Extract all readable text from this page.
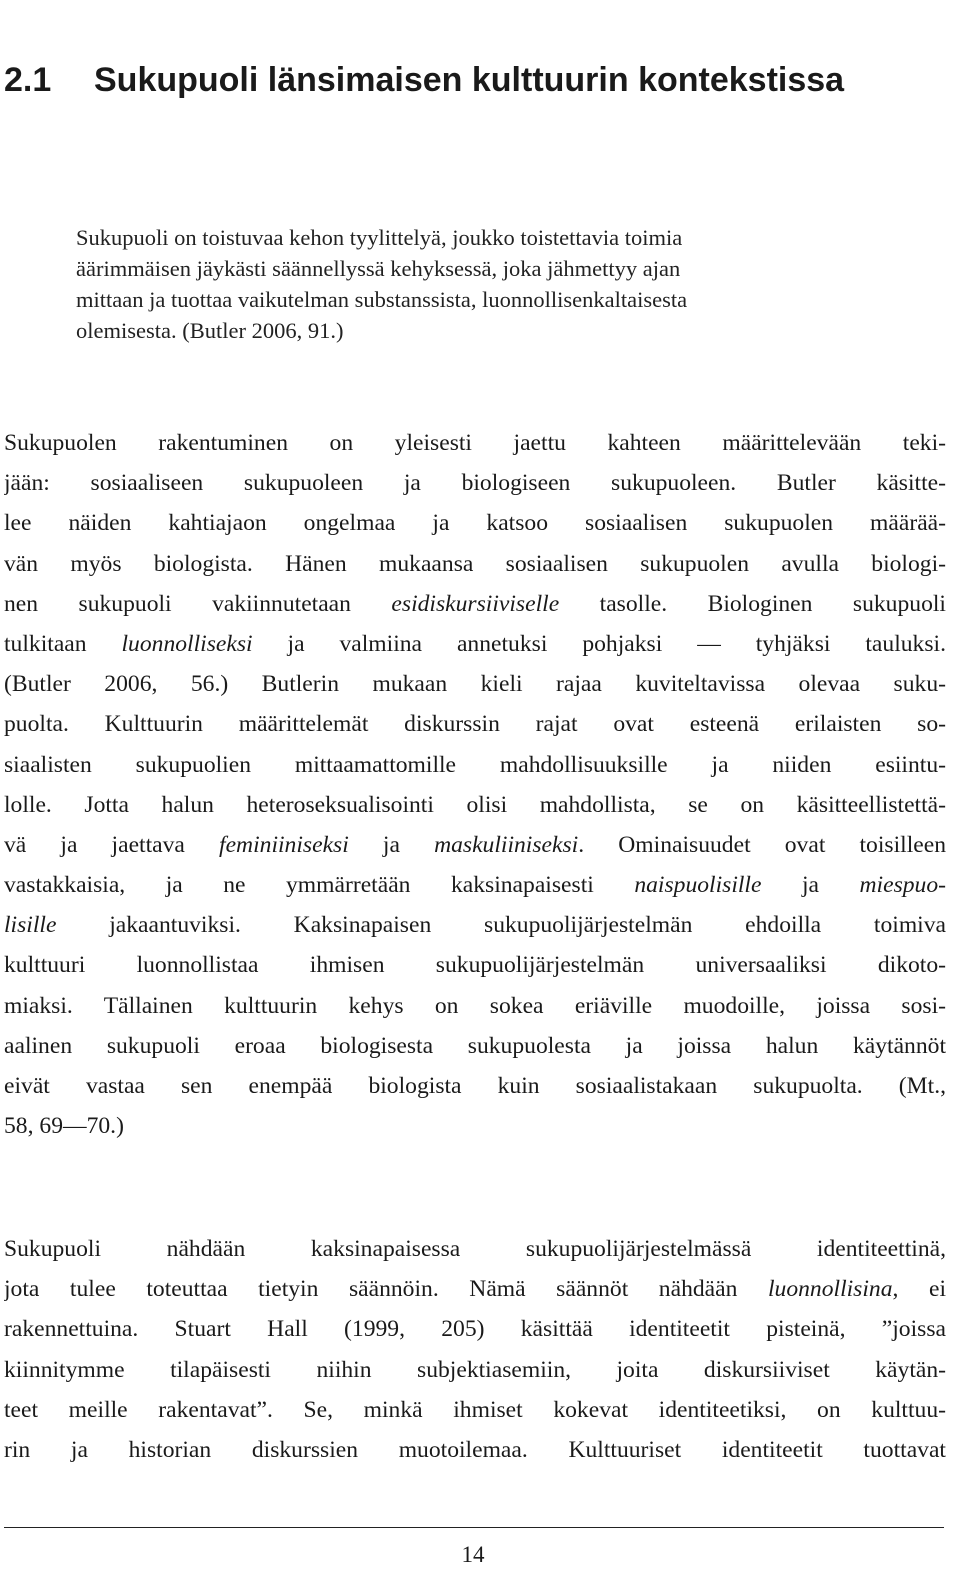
2.1 Sukupuoli länsimaisen kulttuurin kontekstissa
Sukupuoli on toistuvaa kehon tyylittelyä, joukko toistettavia toimia
äärimmäisen jäykästi säännellyssä kehyksessä, joka jähmettyy ajan
mittaan ja tuottaa vaikutelman substanssista, luonnollisenkaltaisesta
olemisesta. (Butler 2006, 91.)
Sukupuolen rakentuminen on yleisesti jaettu kahteen määrittelevään teki-
jään: sosiaaliseen sukupuoleen ja biologiseen sukupuoleen. Butler käsitte-
lee näiden kahtiajaon ongelmaa ja katsoo sosiaalisen sukupuolen määrää-
vän myös biologista. Hänen mukaansa sosiaalisen sukupuolen avulla biologi-
nen sukupuoli vakiinnutetaan esidiskursiiviselle tasolle. Biologinen sukupuoli
tulkitaan luonnolliseksi ja valmiina annetuksi pohjaksi — tyhjäksi tauluksi.
(Butler 2006, 56.) Butlerin mukaan kieli rajaa kuviteltavissa olevaa suku-
puolta. Kulttuurin määrittelemät diskurssin rajat ovat esteenä erilaisten so-
siaalisten sukupuolien mittaamattomille mahdollisuuksille ja niiden esiintu-
lolle. Jotta halun heteroseksualisointi olisi mahdollista, se on käsitteellistettä-
vä ja jaettava feminiiniseksi ja maskuliiniseksi. Ominaisuudet ovat toisilleen
vastakkaisia, ja ne ymmärretään kaksinapaisesti naispuolisille ja miespuo-
lisille jakaantuviksi. Kaksinapaisen sukupuolijärjestelmän ehdoilla toimiva
kulttuuri luonnollistaa ihmisen sukupuolijärjestelmän universaaliksi dikoto-
miaksi. Tällainen kulttuurin kehys on sokea eriäville muodoille, joissa sosi-
aalinen sukupuoli eroaa biologisesta sukupuolesta ja joissa halun käytännöt
eivät vastaa sen enempää biologista kuin sosiaalistakaan sukupuolta. (Mt.,
58, 69—70.)
Sukupuoli nähdään kaksinapaisessa sukupuolijärjestelmässä identiteettinä,
jota tulee toteuttaa tietyin säännöin. Nämä säännöt nähdään luonnollisina, ei
rakennettuina. Stuart Hall (1999, 205) käsittää identiteetit pisteinä, ”joissa
kiinnitymme tilapäisesti niihin subjektiasemiin, joita diskursiiviset käytän-
teet meille rakentavat”. Se, minkä ihmiset kokevat identiteetiksi, on kulttuu-
rin ja historian diskurssien muotoilemaa. Kulttuuriset identiteetit tuottavat
14
